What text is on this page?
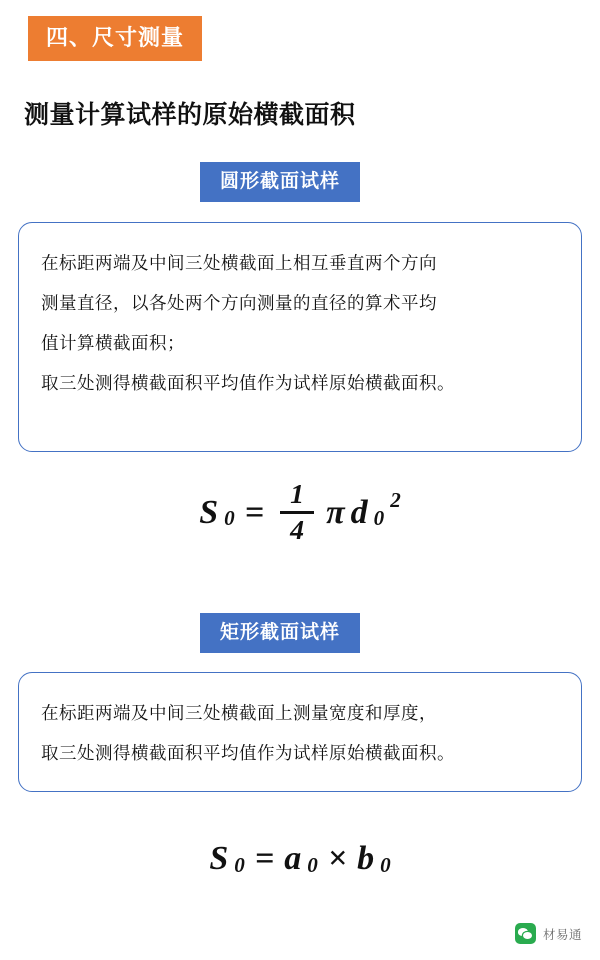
四、尺寸测量
测量计算试样的原始横截面积
圆形截面试样
在标距两端及中间三处横截面上相互垂直两个方向
测量直径，以各处两个方向测量的直径的算术平均
值计算横截面积；
取三处测得横截面积平均值作为试样原始横截面积。
S $0 = \frac{1}{4}$ π d 0
2
矩形截面试样
在标距两端及中间三处横截面上测量宽度和厚度，
取三处测得横截面积平均值作为试样原始横截面积。
S 0 = a 0 × b 0
材易通
